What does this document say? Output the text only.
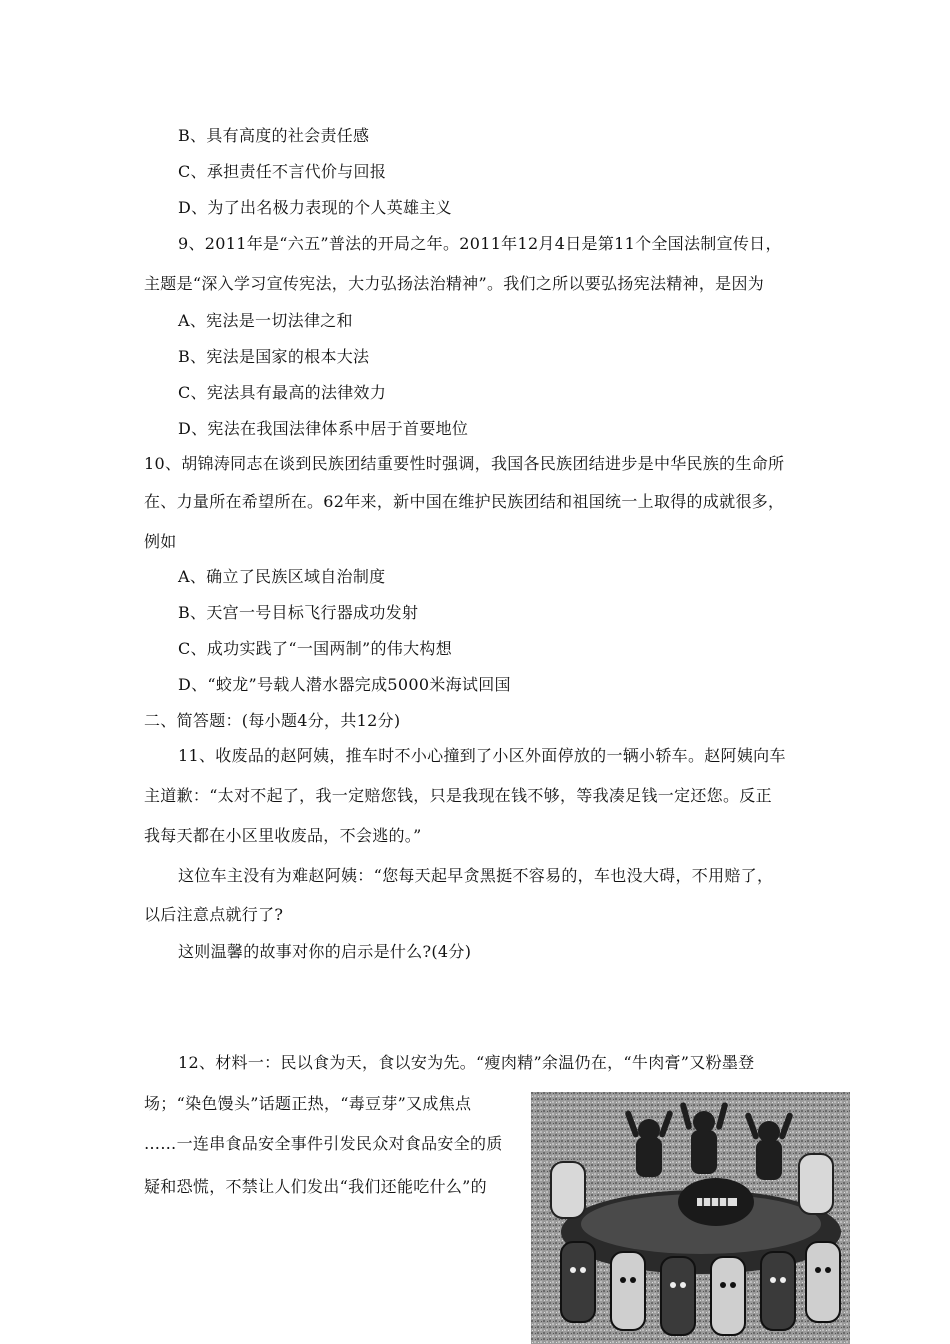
B、具有高度的社会责任感
C、承担责任不言代价与回报
D、为了出名极力表现的个人英雄主义
9、2011年是“六五”普法的开局之年。2011年12月4日是第11个全国法制宣传日，
主题是“深入学习宣传宪法，大力弘扬法治精神”。我们之所以要弘扬宪法精神，是因为
A、宪法是一切法律之和
B、宪法是国家的根本大法
C、宪法具有最高的法律效力
D、宪法在我国法律体系中居于首要地位
10、胡锦涛同志在谈到民族团结重要性时强调，我国各民族团结进步是中华民族的生命所
在、力量所在希望所在。62年来，新中国在维护民族团结和祖国统一上取得的成就很多，
例如
A、确立了民族区域自治制度
B、天宫一号目标飞行器成功发射
C、成功实践了“一国两制”的伟大构想
D、“蛟龙”号载人潜水器完成5000米海试回国
二、简答题：(每小题4分，共12分)
11、收废品的赵阿姨，推车时不小心撞到了小区外面停放的一辆小轿车。赵阿姨向车
主道歉：“太对不起了，我一定赔您钱，只是我现在钱不够，等我凑足钱一定还您。反正
我每天都在小区里收废品，不会逃的。”
这位车主没有为难赵阿姨：“您每天起早贪黑挺不容易的，车也没大碍，不用赔了，
以后注意点就行了?
这则温馨的故事对你的启示是什么?(4分)
12、材料一：民以食为天，食以安为先。“瘦肉精”余温仍在，“牛肉膏”又粉墨登
场；“染色馒头”话题正热，“毒豆芽”又成焦点
……一连串食品安全事件引发民众对食品安全的质
疑和恐慌，不禁让人们发出“我们还能吃什么”的
